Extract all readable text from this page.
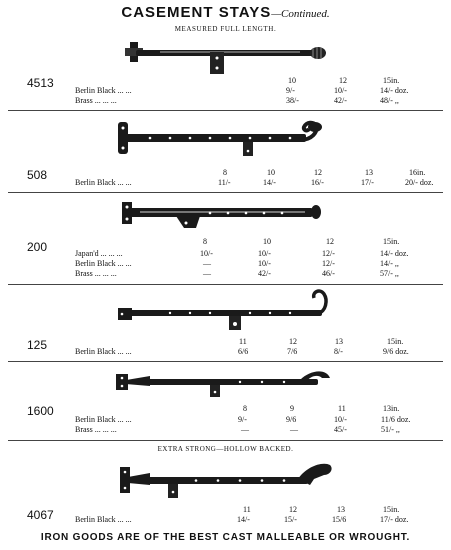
CASEMENT STAYS—Continued.
MEASURED FULL LENGTH.
4513	10	12	15in.
Berlin Black ... ...	9/-	10/-	14/- doz.
Brass ... ... ...	38/-	42/-	48/- ,,
508	8	10	12	13	16in.
Berlin Black ... ...	11/-	14/-	16/-	17/-	20/- doz.
200	8	10	12	15in.
Japan'd ... ... ...	10/-	10/-	12/-	14/- doz.
Berlin Black ... ...	—	10/-	12/-	14/- ,,
Brass ... ... ...	—	42/-	46/-	57/- ,,
125	11	12	13	15in.
Berlin Black ... ...	6/6	7/6	8/-	9/6 doz.
1600	8	9	11	13in.
Berlin Black ... ...	9/-	9/6	10/-	11/6 doz.
Brass ... ... ...	—	—	45/-	51/- ,,
EXTRA STRONG—HOLLOW BACKED.
4067	11	12	13	15in.
Berlin Black ... ...	14/-	15/-	15/6	17/- doz.
IRON GOODS ARE OF THE BEST CAST MALLEABLE OR WROUGHT.
